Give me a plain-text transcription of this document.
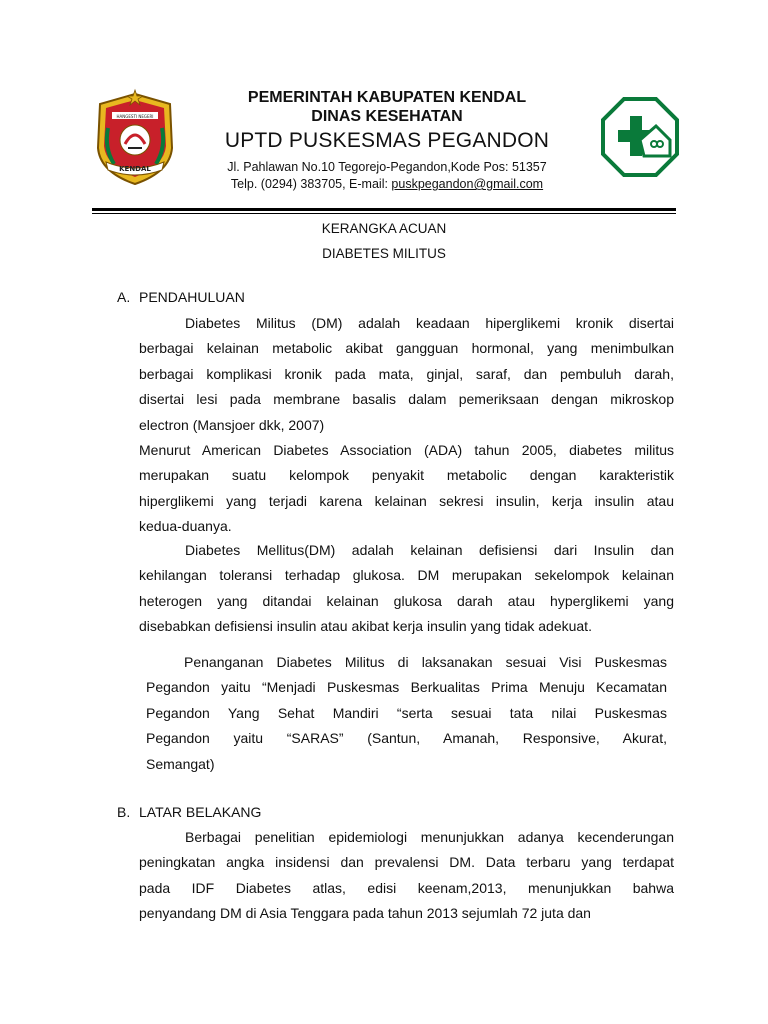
HANGESTI NEGERI
KENDAL
PEMERINTAH KABUPATEN KENDAL
DINAS KESEHATAN
UPTD PUSKESMAS PEGANDON
Jl. Pahlawan No.10 Tegorejo-Pegandon,Kode Pos: 51357
Telp. (0294) 383705, E-mail: puskpegandon@gmail.com
KERANGKA ACUAN
DIABETES MILITUS
A. PENDAHULUAN
Diabetes Militus (DM) adalah keadaan hiperglikemi kronik disertai
berbagai kelainan metabolic akibat gangguan hormonal, yang menimbulkan
berbagai komplikasi kronik pada mata, ginjal, saraf, dan pembuluh darah,
disertai lesi pada membrane basalis dalam pemeriksaan dengan mikroskop
electron (Mansjoer dkk, 2007)
Menurut American Diabetes Association (ADA) tahun 2005, diabetes militus
merupakan suatu kelompok penyakit metabolic dengan karakteristik
hiperglikemi yang terjadi karena kelainan sekresi insulin, kerja insulin atau
kedua-duanya.
Diabetes Mellitus(DM) adalah kelainan defisiensi dari Insulin dan
kehilangan toleransi terhadap glukosa. DM merupakan sekelompok kelainan
heterogen yang ditandai kelainan glukosa darah atau hyperglikemi yang
disebabkan defisiensi insulin atau akibat kerja insulin yang tidak adekuat.
Penanganan Diabetes Militus di laksanakan sesuai Visi Puskesmas
Pegandon yaitu “Menjadi Puskesmas Berkualitas Prima Menuju Kecamatan
Pegandon Yang Sehat Mandiri “serta sesuai tata nilai Puskesmas
Pegandon yaitu “SARAS” (Santun, Amanah, Responsive, Akurat,
Semangat)
B. LATAR BELAKANG
Berbagai penelitian epidemiologi menunjukkan adanya kecenderungan
peningkatan angka insidensi dan prevalensi DM. Data terbaru yang terdapat
pada IDF Diabetes atlas, edisi keenam,2013, menunjukkan bahwa
penyandang DM di Asia Tenggara pada tahun 2013 sejumlah 72 juta dan
